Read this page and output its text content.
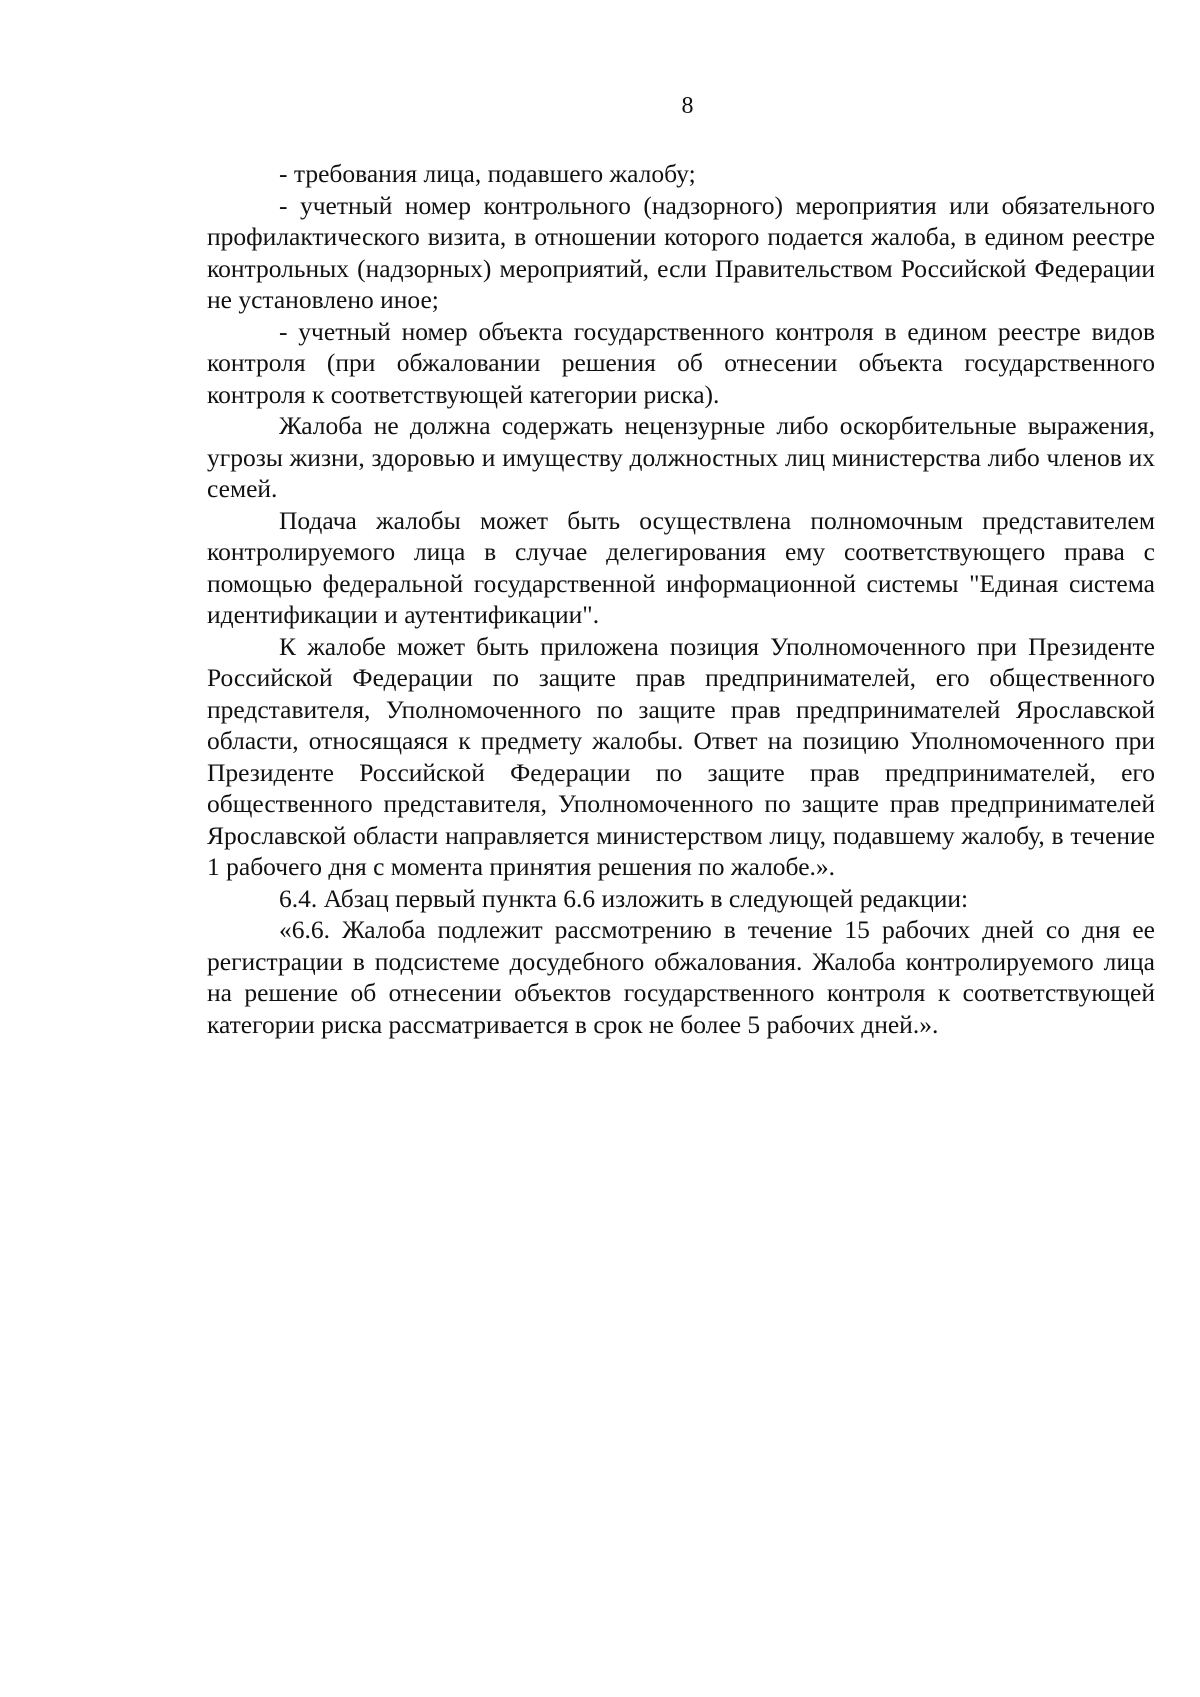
8

- требования лица, подавшего жалобу;

- учетный номер контрольного (надзорного) мероприятия или обязательного профилактического визита, в отношении которого подается жалоба, в едином реестре контрольных (надзорных) мероприятий, если Правительством Российской Федерации не установлено иное;

- учетный номер объекта государственного контроля в едином реестре видов контроля (при обжаловании решения об отнесении объекта государственного контроля к соответствующей категории риска).

Жалоба не должна содержать нецензурные либо оскорбительные выражения, угрозы жизни, здоровью и имуществу должностных лиц министерства либо членов их семей.

Подача жалобы может быть осуществлена полномочным представителем контролируемого лица в случае делегирования ему соответствующего права с помощью федеральной государственной информационной системы "Единая система идентификации и аутентификации".

К жалобе может быть приложена позиция Уполномоченного при Президенте Российской Федерации по защите прав предпринимателей, его общественного представителя, Уполномоченного по защите прав предпринимателей Ярославской области, относящаяся к предмету жалобы. Ответ на позицию Уполномоченного при Президенте Российской Федерации по защите прав предпринимателей, его общественного представителя, Уполномоченного по защите прав предпринимателей Ярославской области направляется министерством лицу, подавшему жалобу, в течение 1 рабочего дня с момента принятия решения по жалобе.».

6.4. Абзац первый пункта 6.6 изложить в следующей редакции:

«6.6. Жалоба подлежит рассмотрению в течение 15 рабочих дней со дня ее регистрации в подсистеме досудебного обжалования. Жалоба контролируемого лица на решение об отнесении объектов государственного контроля к соответствующей категории риска рассматривается в срок не более 5 рабочих дней.».
